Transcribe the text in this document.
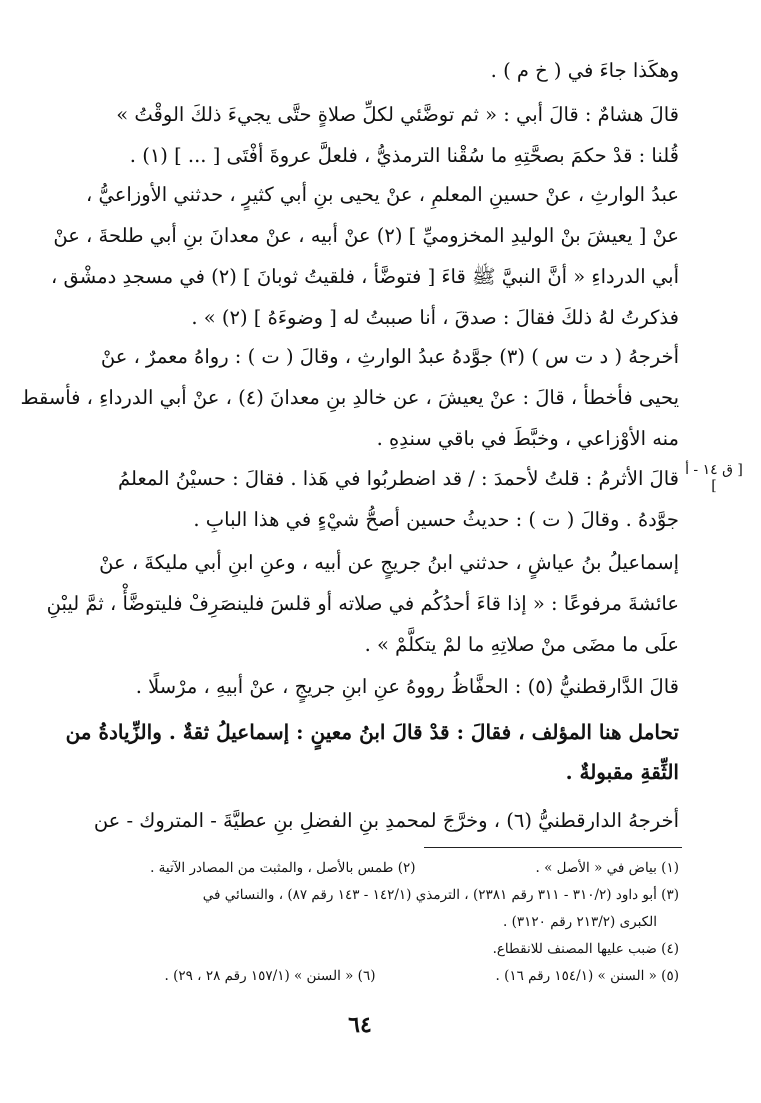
وهكَذا جاءَ في ( خ م ) .
قالَ هشامٌ : قالَ أبي : « ثم توضَّئي لكلِّ صلاةٍ حتَّى يجيءَ ذلكَ الوقْتُ »
قُلنا : قدْ حكمَ بصحَّتِهِ ما سُقْنا الترمذيُّ ، فلعلَّ عروةَ أفْتَى [ ... ] (١) .
عبدُ الوارثِ ، عنْ حسينِ المعلمِ ، عنْ يحيى بنِ أبي كثيرٍ ، حدثني الأوزاعيُّ ،
عنْ [ يعيشَ بنْ الوليدِ المخزوميِّ ] (٢) عنْ أبيه ، عنْ معدانَ بنِ أبي طلحةَ ، عنْ
أبي الدرداءِ « أنَّ النبيَّ ﷺ قاءَ [ فتوضَّأ ، فلقيتُ ثوبانَ ] (٢) في مسجدِ دمشْق ،
فذكرتُ لهُ ذلكَ فقالَ : صدقَ ، أنا صببتُ له [ وضوءَهُ ] (٢) » .
أخرجهُ ( د ت س ) (٣) جوَّدهُ عبدُ الوارثِ ، وقالَ ( ت ) : رواهُ معمرٌ ، عنْ
يحيى فأخطأ ، قالَ : عنْ يعيشَ ، عن خالدِ بنِ معدانَ (٤) ، عنْ أبي الدرداءِ ، فأسقط
منه الأوْزاعي ، وخبَّطَ في باقي سندِهِ .
قالَ الأثرمُ : قلتُ لأحمدَ : / قد اضطربُوا في هَذا . فقالَ : حسيْنُ المعلمُ
جوَّدهُ . وقالَ ( ت ) : حديثُ حسين أصحُّ شيْءٍ في هذا البابِ .
[ ق ١٤ - أ ]
إسماعيلُ بنُ عياشٍ ، حدثني ابنُ جريجٍ عن أبيه ، وعنِ ابنِ أبي مليكةَ ، عنْ
عائشةَ مرفوعًا : « إذا قاءَ أحدُكُم في صلاته أو قلسَ فلينصَرِفْ فليتوضَّأْ ، ثمَّ ليبْنِ
علَى ما مضَى منْ صلاتِهِ ما لمْ يتكلَّمْ » .
قالَ الدَّارقطنيُّ (٥) : الحفَّاظُ رووهُ عنِ ابنِ جريجٍ ، عنْ أبيهِ ، مرْسلًا .
تحامل هنا المؤلف ، فقالَ : قدْ قالَ ابنُ معينٍ : إسماعيلُ ثقةٌ . والزِّيادةُ من
الثِّقةِ مقبولةٌ .
أخرجهُ الدارقطنيُّ (٦) ، وخرَّجَ لمحمدِ بنِ الفضلِ بنِ عطيَّةَ - المتروك - عن
(١) بياض في « الأصل » .
(٢) طمس بالأصل ، والمثبت من المصادر الآتية .
(٣) أبو داود (٣١٠/٢ - ٣١١ رقم ٢٣٨١) ، الترمذي (١٤٢/١ - ١٤٣ رقم ٨٧) ، والنسائي في
الكبرى (٢١٣/٢ رقم ٣١٢٠) .
(٤) ضبب عليها المصنف للانقطاع.
(٥) « السنن » (١٥٤/١ رقم ١٦) .
(٦) « السنن » (١٥٧/١ رقم ٢٨ ، ٢٩) .
٦٤
